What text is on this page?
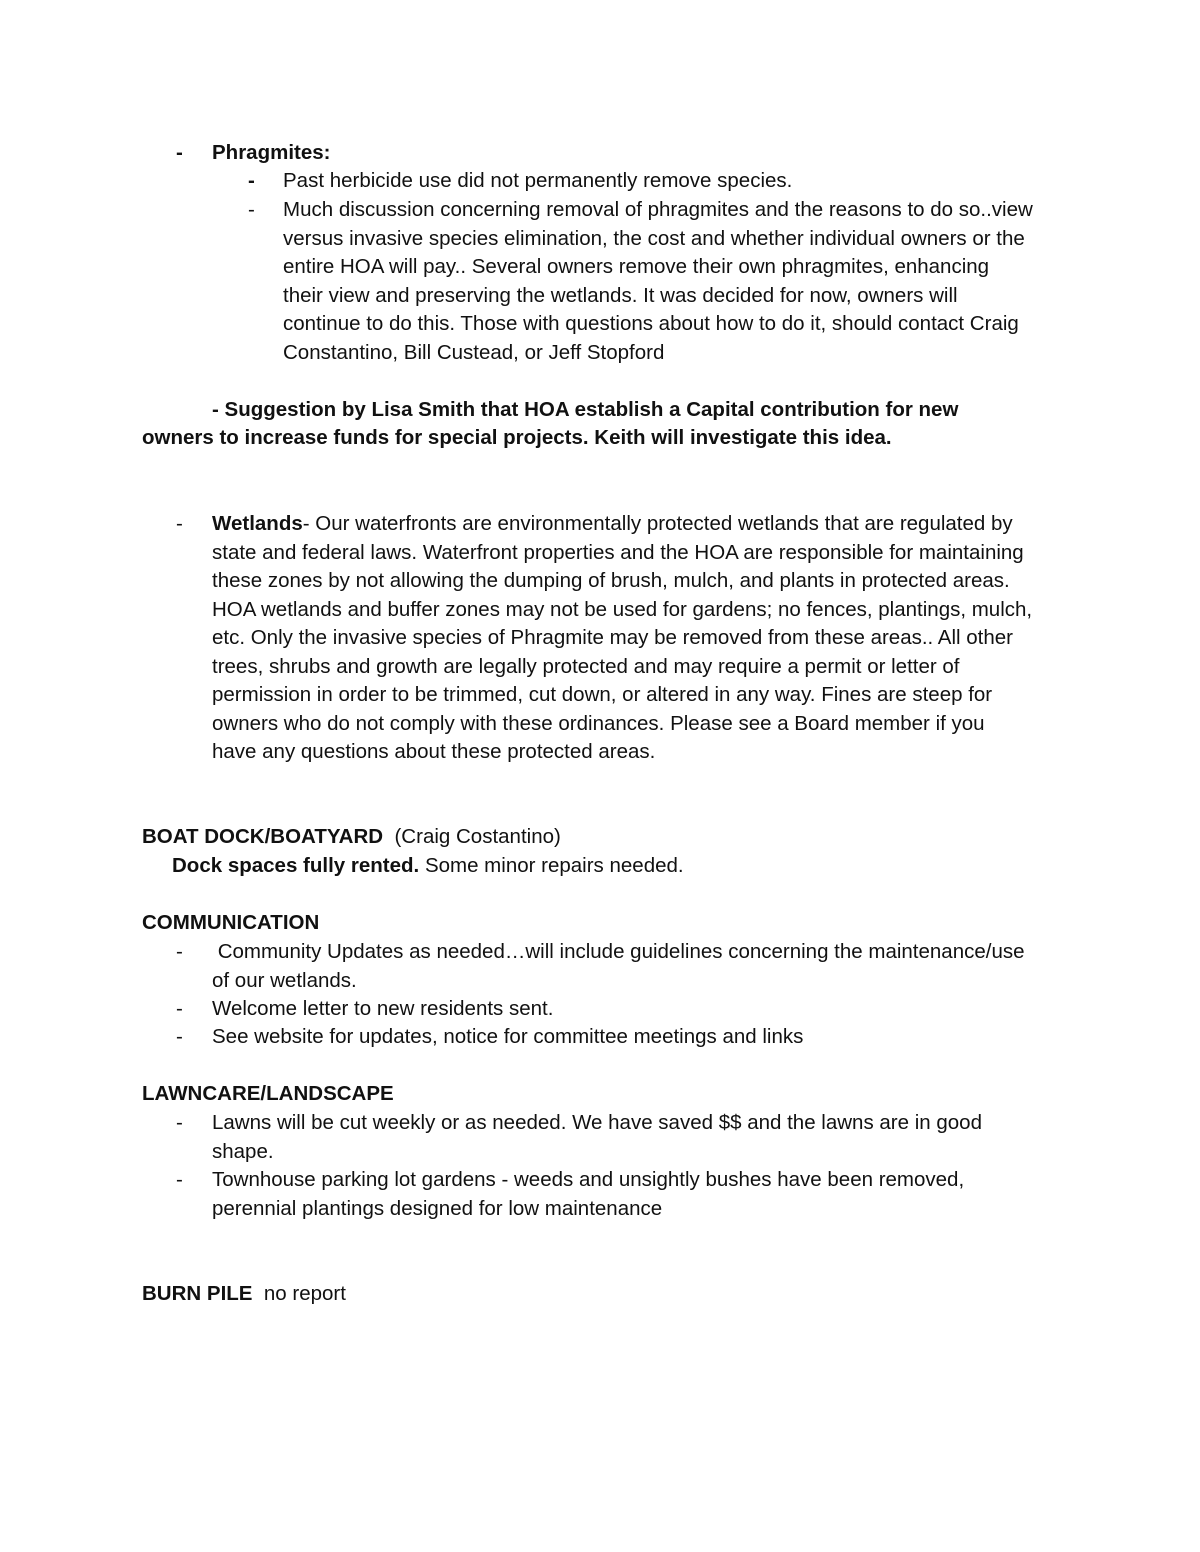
- Phragmites:
- Past herbicide use did not permanently remove species.
- Much discussion concerning removal of phragmites and the reasons to do so..view
versus invasive species elimination, the cost and whether individual owners or the
entire HOA will pay.. Several owners remove their own phragmites, enhancing
their view and preserving the wetlands. It was decided for now, owners will
continue to do this. Those with questions about how to do it, should contact Craig
Constantino, Bill Custead, or Jeff Stopford
- Suggestion by Lisa Smith that HOA establish a Capital contribution for new
owners to increase funds for special projects. Keith will investigate this idea.
- Wetlands- Our waterfronts are environmentally protected wetlands that are regulated by
state and federal laws. Waterfront properties and the HOA are responsible for maintaining
these zones by not allowing the dumping of brush, mulch, and plants in protected areas.
HOA wetlands and buffer zones may not be used for gardens; no fences, plantings, mulch,
etc. Only the invasive species of Phragmite may be removed from these areas.. All other
trees, shrubs and growth are legally protected and may require a permit or letter of
permission in order to be trimmed, cut down, or altered in any way. Fines are steep for
owners who do not comply with these ordinances. Please see a Board member if you
have any questions about these protected areas.
BOAT DOCK/BOATYARD (Craig Costantino)
Dock spaces fully rented. Some minor repairs needed.
COMMUNICATION
- Community Updates as needed…will include guidelines concerning the maintenance/use
of our wetlands.
- Welcome letter to new residents sent.
- See website for updates, notice for committee meetings and links
LAWNCARE/LANDSCAPE
- Lawns will be cut weekly or as needed. We have saved $$ and the lawns are in good
shape.
- Townhouse parking lot gardens - weeds and unsightly bushes have been removed,
perennial plantings designed for low maintenance
BURN PILE no report
